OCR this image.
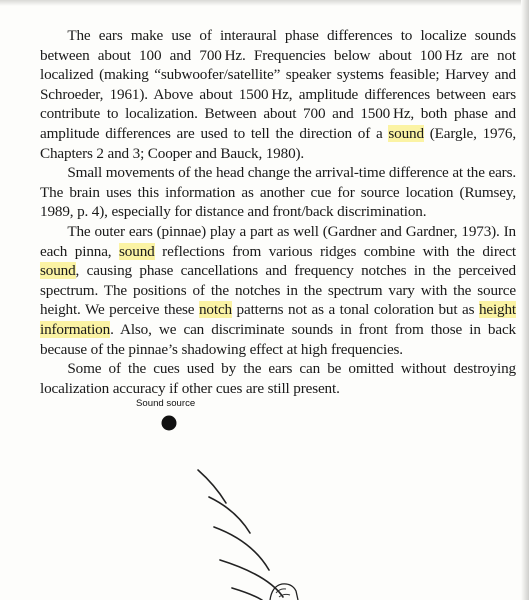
The ears make use of interaural phase differences to localize sounds between about 100 and 700 Hz. Frequencies below about 100 Hz are not localized (making “subwoofer/satellite” speaker systems feasible; Harvey and Schroeder, 1961). Above about 1500 Hz, amplitude differences between ears contribute to localization. Between about 700 and 1500 Hz, both phase and amplitude differences are used to tell the direction of a sound (Eargle, 1976, Chapters 2 and 3; Cooper and Bauck, 1980).

Small movements of the head change the arrival-time difference at the ears. The brain uses this information as another cue for source location (Rumsey, 1989, p. 4), especially for distance and front/back discrimination.

The outer ears (pinnae) play a part as well (Gardner and Gardner, 1973). In each pinna, sound reflections from various ridges combine with the direct sound, causing phase cancellations and frequency notches in the perceived spectrum. The positions of the notches in the spectrum vary with the source height. We perceive these notch patterns not as a tonal coloration but as height information. Also, we can discriminate sounds in front from those in back because of the pinnae’s shadowing effect at high frequencies.

Some of the cues used by the ears can be omitted without destroying localization accuracy if other cues are still present.

Sound source
